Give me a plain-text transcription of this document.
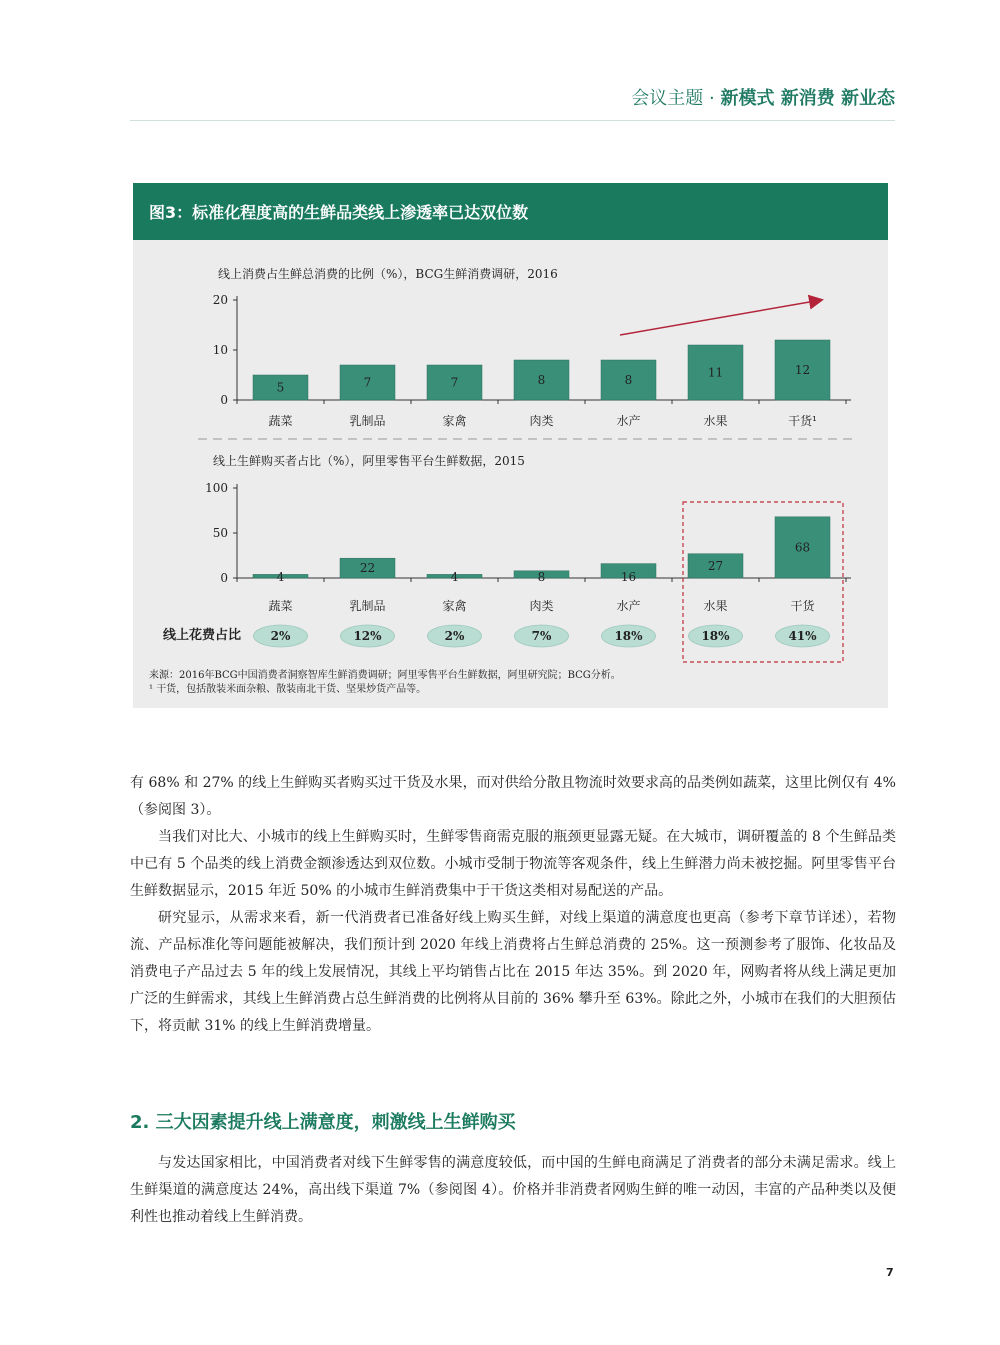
会议主题 · 新模式 新消费 新业态
图3：标准化程度高的生鲜品类线上渗透率已达双位数
线上消费占生鲜总消费的比例（%），BCG生鲜消费调研，2016
0
10
20
5
蔬菜
7
乳制品
7
家禽
8
肉类
8
水产
11
水果
12
干货¹
线上生鲜购买者占比（%），阿里零售平台生鲜数据，2015
0
50
100
4
蔬菜
22
乳制品
4
家禽
8
肉类
16
水产
27
水果
68
干货
线上花费占比 2%	12%	2%	7%	18%	18%	41%
来源：2016年BCG中国消费者洞察智库生鲜消费调研；阿里零售平台生鲜数据，阿里研究院；BCG分析。
¹ 干货，包括散装米面杂粮、散装南北干货、坚果炒货产品等。

有 68% 和 27% 的线上生鲜购买者购买过干货及水果，而对供给分散且物流时效要求高的品类例如蔬菜，这里比例仅有 4%（参阅图 3）。

当我们对比大、小城市的线上生鲜购买时，生鲜零售商需克服的瓶颈更显露无疑。在大城市，调研覆盖的 8 个生鲜品类中已有 5 个品类的线上消费金额渗透达到双位数。小城市受制于物流等客观条件，线上生鲜潜力尚未被挖掘。阿里零售平台生鲜数据显示，2015 年近 50% 的小城市生鲜消费集中于干货这类相对易配送的产品。

研究显示，从需求来看，新一代消费者已准备好线上购买生鲜，对线上渠道的满意度也更高（参考下章节详述），若物流、产品标准化等问题能被解决，我们预计到 2020 年线上消费将占生鲜总消费的 25%。这一预测参考了服饰、化妆品及消费电子产品过去 5 年的线上发展情况，其线上平均销售占比在 2015 年达 35%。到 2020 年，网购者将从线上满足更加广泛的生鲜需求，其线上生鲜消费占总生鲜消费的比例将从目前的 36% 攀升至 63%。除此之外，小城市在我们的大胆预估下，将贡献 31% 的线上生鲜消费增量。

2. 三大因素提升线上满意度，刺激线上生鲜购买

与发达国家相比，中国消费者对线下生鲜零售的满意度较低，而中国的生鲜电商满足了消费者的部分未满足需求。线上生鲜渠道的满意度达 24%，高出线下渠道 7%（参阅图 4）。价格并非消费者网购生鲜的唯一动因，丰富的产品种类以及便利性也推动着线上生鲜消费。

7
